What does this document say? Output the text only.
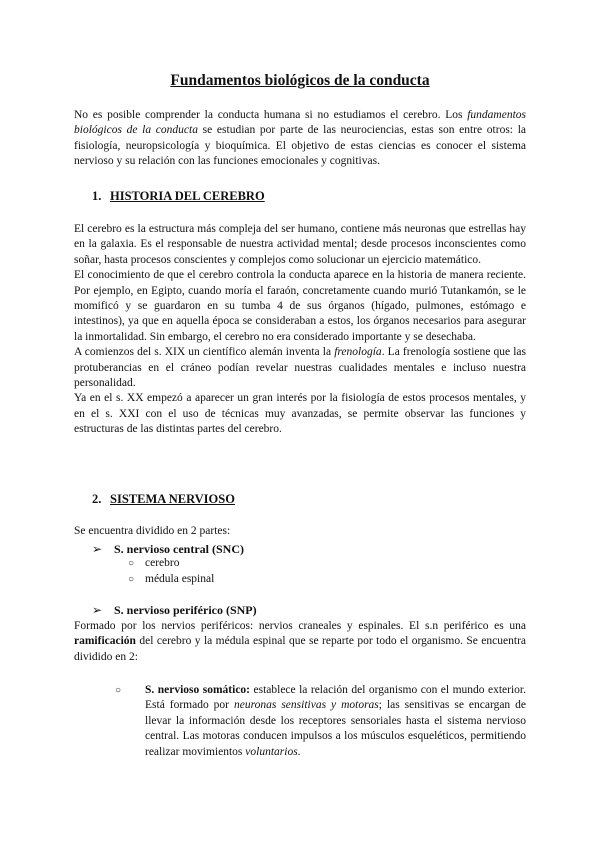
Fundamentos biológicos de la conducta
No es posible comprender la conducta humana si no estudiamos el cerebro. Los fundamentos biológicos de la conducta se estudian por parte de las neurociencias, estas son entre otros: la fisiología, neuropsicología y bioquímica. El objetivo de estas ciencias es conocer el sistema nervioso y su relación con las funciones emocionales y cognitivas.
1. HISTORIA DEL CEREBRO
El cerebro es la estructura más compleja del ser humano, contiene más neuronas que estrellas hay en la galaxia. Es el responsable de nuestra actividad mental; desde procesos inconscientes como soñar, hasta procesos conscientes y complejos como solucionar un ejercicio matemático.
El conocimiento de que el cerebro controla la conducta aparece en la historia de manera reciente. Por ejemplo, en Egipto, cuando moría el faraón, concretamente cuando murió Tutankamón, se le momificó y se guardaron en su tumba 4 de sus órganos (hígado, pulmones, estómago e intestinos), ya que en aquella época se consideraban a estos, los órganos necesarios para asegurar la inmortalidad. Sin embargo, el cerebro no era considerado importante y se desechaba.
A comienzos del s. XIX un científico alemán inventa la frenología. La frenología sostiene que las protuberancias en el cráneo podían revelar nuestras cualidades mentales e incluso nuestra personalidad.
Ya en el s. XX empezó a aparecer un gran interés por la fisiología de estos procesos mentales, y en el s. XXI con el uso de técnicas muy avanzadas, se permite observar las funciones y estructuras de las distintas partes del cerebro.
2. SISTEMA NERVIOSO
Se encuentra dividido en 2 partes:
➢ S. nervioso central (SNC)
○ cerebro
○ médula espinal
➢ S. nervioso periférico (SNP)
Formado por los nervios periféricos: nervios craneales y espinales. El s.n periférico es una ramificación del cerebro y la médula espinal que se reparte por todo el organismo. Se encuentra dividido en 2:
○ S. nervioso somático: establece la relación del organismo con el mundo exterior. Está formado por neuronas sensitivas y motoras; las sensitivas se encargan de llevar la información desde los receptores sensoriales hasta el sistema nervioso central. Las motoras conducen impulsos a los músculos esqueléticos, permitiendo realizar movimientos voluntarios.
